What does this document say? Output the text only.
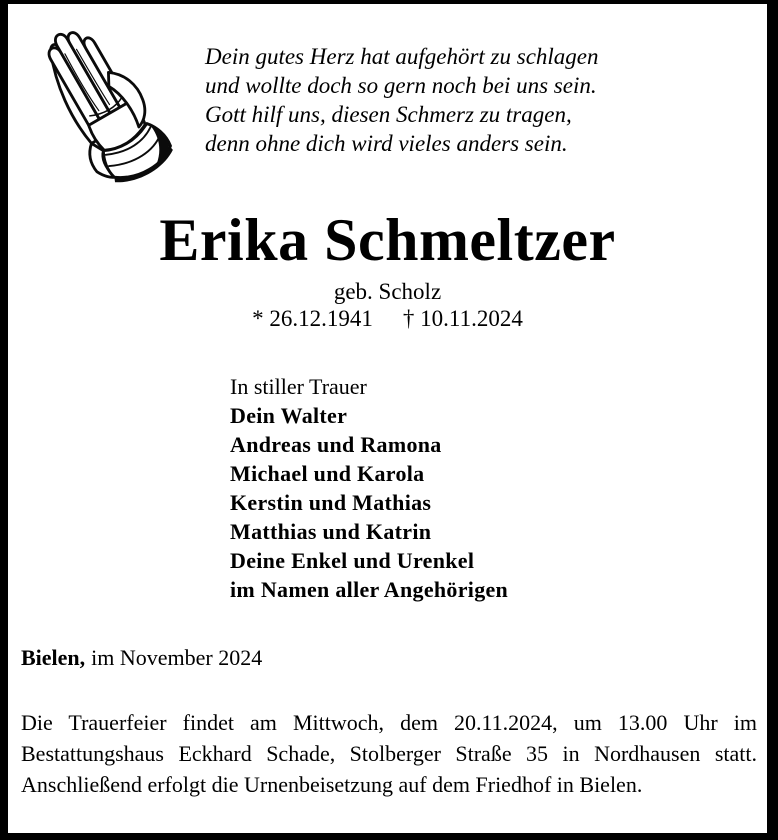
Dein gutes Herz hat aufgehört zu schlagen
und wollte doch so gern noch bei uns sein.
Gott hilf uns, diesen Schmerz zu tragen,
denn ohne dich wird vieles anders sein.
Erika Schmeltzer
geb. Scholz
* 26.12.1941 † 10.11.2024
In stiller Trauer
Dein Walter
Andreas und Ramona
Michael und Karola
Kerstin und Mathias
Matthias und Katrin
Deine Enkel und Urenkel
im Namen aller Angehörigen
Bielen, im November 2024
Die Trauerfeier findet am Mittwoch, dem 20.11.2024, um 13.00 Uhr im
Bestattungshaus Eckhard Schade, Stolberger Straße 35 in Nordhausen statt.
Anschließend erfolgt die Urnenbeisetzung auf dem Friedhof in Bielen.
